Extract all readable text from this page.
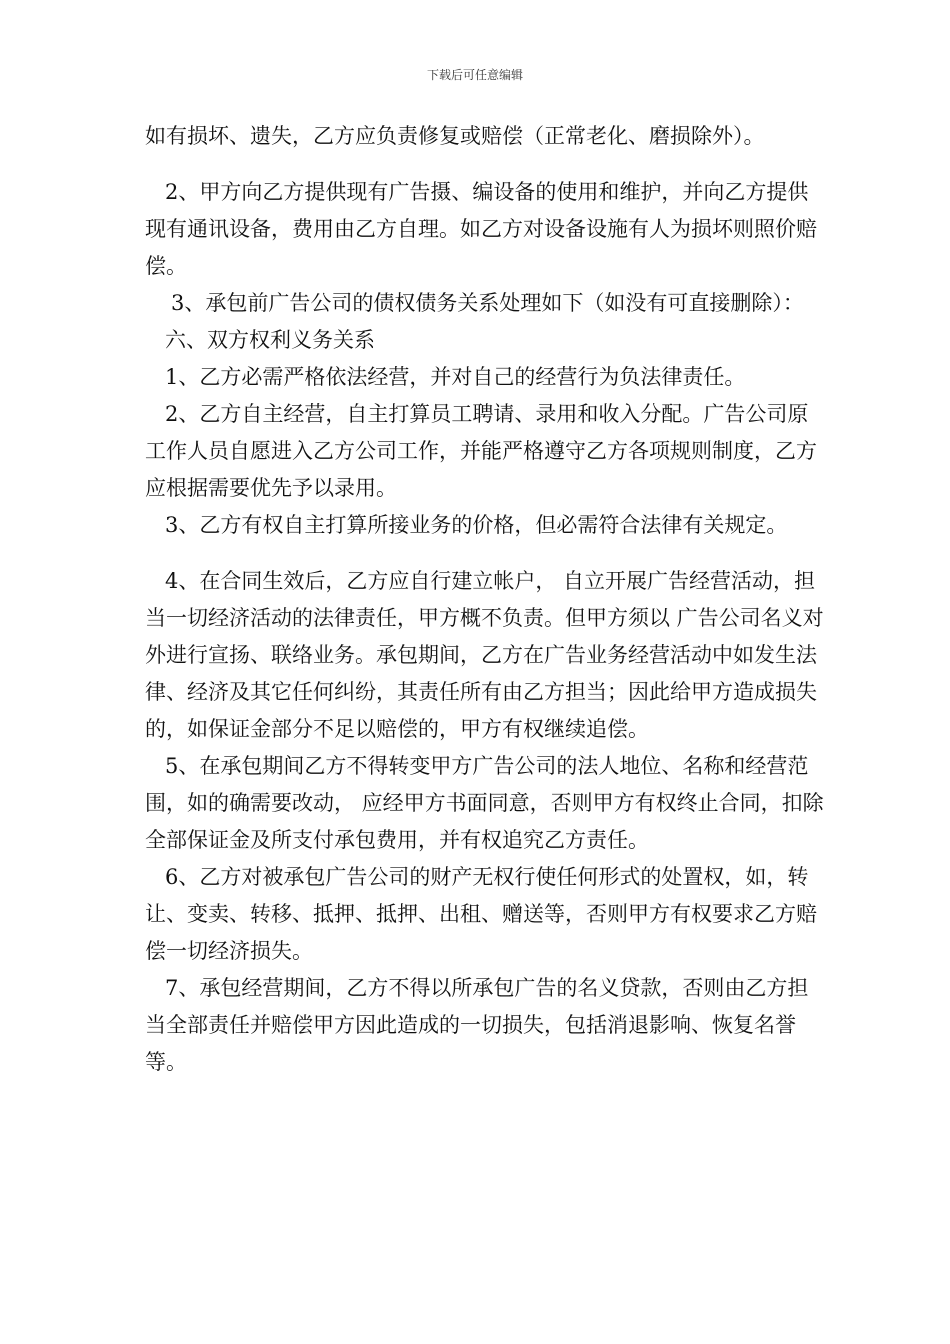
下载后可任意编辑

如有损坏、遗失，乙方应负责修复或赔偿（正常老化、磨损除外）。

2、甲方向乙方提供现有广告摄、编设备的使用和维护，并向乙方提供现有通讯设备，费用由乙方自理。如乙方对设备设施有人为损坏则照价赔偿。

3、承包前广告公司的债权债务关系处理如下（如没有可直接删除）：

六、双方权利义务关系

1、乙方必需严格依法经营，并对自己的经营行为负法律责任。

2、乙方自主经营，自主打算员工聘请、录用和收入分配。广告公司原工作人员自愿进入乙方公司工作，并能严格遵守乙方各项规则制度，乙方应根据需要优先予以录用。

3、乙方有权自主打算所接业务的价格，但必需符合法律有关规定。

4、在合同生效后，乙方应自行建立帐户， 自立开展广告经营活动，担当一切经济活动的法律责任，甲方概不负责。但甲方须以 广告公司名义对外进行宣扬、联络业务。承包期间，乙方在广告业务经营活动中如发生法律、经济及其它任何纠纷，其责任所有由乙方担当；因此给甲方造成损失的，如保证金部分不足以赔偿的，甲方有权继续追偿。

5、在承包期间乙方不得转变甲方广告公司的法人地位、名称和经营范围，如的确需要改动， 应经甲方书面同意，否则甲方有权终止合同，扣除全部保证金及所支付承包费用，并有权追究乙方责任。

6、乙方对被承包广告公司的财产无权行使任何形式的处置权，如，转让、变卖、转移、抵押、抵押、出租、赠送等，否则甲方有权要求乙方赔偿一切经济损失。

7、承包经营期间，乙方不得以所承包广告的名义贷款，否则由乙方担当全部责任并赔偿甲方因此造成的一切损失，包括消退影响、恢复名誉等。
